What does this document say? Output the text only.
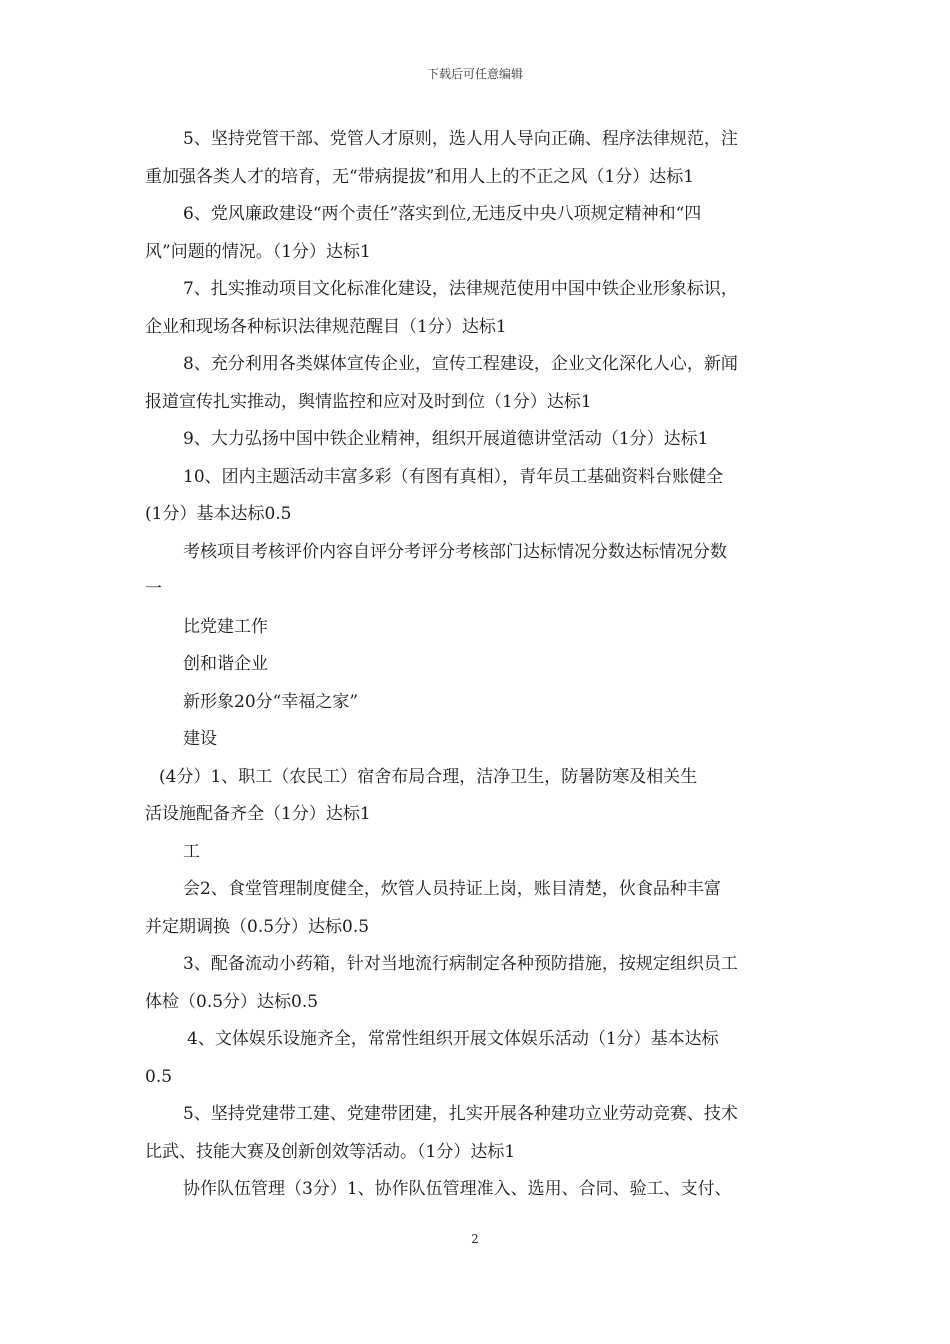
下载后可任意编辑

5、坚持党管干部、党管人才原则，选人用人导向正确、程序法律规范，注

重加强各类人才的培育，无“带病提拔”和用人上的不正之风（1分）达标1

6、党风廉政建设“两个责任”落实到位,无违反中央八项规定精神和“四

风”问题的情况。（1分）达标1

7、扎实推动项目文化标准化建设，法律规范使用中国中铁企业形象标识，

企业和现场各种标识法律规范醒目（1分）达标1

8、充分利用各类媒体宣传企业，宣传工程建设，企业文化深化人心，新闻

报道宣传扎实推动，舆情监控和应对及时到位（1分）达标1

9、大力弘扬中国中铁企业精神，组织开展道德讲堂活动（1分）达标1

10、团内主题活动丰富多彩（有图有真相），青年员工基础资料台账健全

(1分）基本达标0.5

考核项目考核评价内容自评分考评分考核部门达标情况分数达标情况分数

一

比党建工作

创和谐企业

新形象20分“幸福之家”

建设

(4分）1、职工（农民工）宿舍布局合理，洁净卫生，防暑防寒及相关生

活设施配备齐全（1分）达标1

工

会2、食堂管理制度健全，炊管人员持证上岗，账目清楚，伙食品种丰富

并定期调换（0.5分）达标0.5

3、配备流动小药箱，针对当地流行病制定各种预防措施，按规定组织员工

体检（0.5分）达标0.5

4、文体娱乐设施齐全，常常性组织开展文体娱乐活动（1分）基本达标

0.5

5、坚持党建带工建、党建带团建，扎实开展各种建功立业劳动竞赛、技术

比武、技能大赛及创新创效等活动。（1分）达标1

协作队伍管理（3分）1、协作队伍管理准入、选用、合同、验工、支付、

2
